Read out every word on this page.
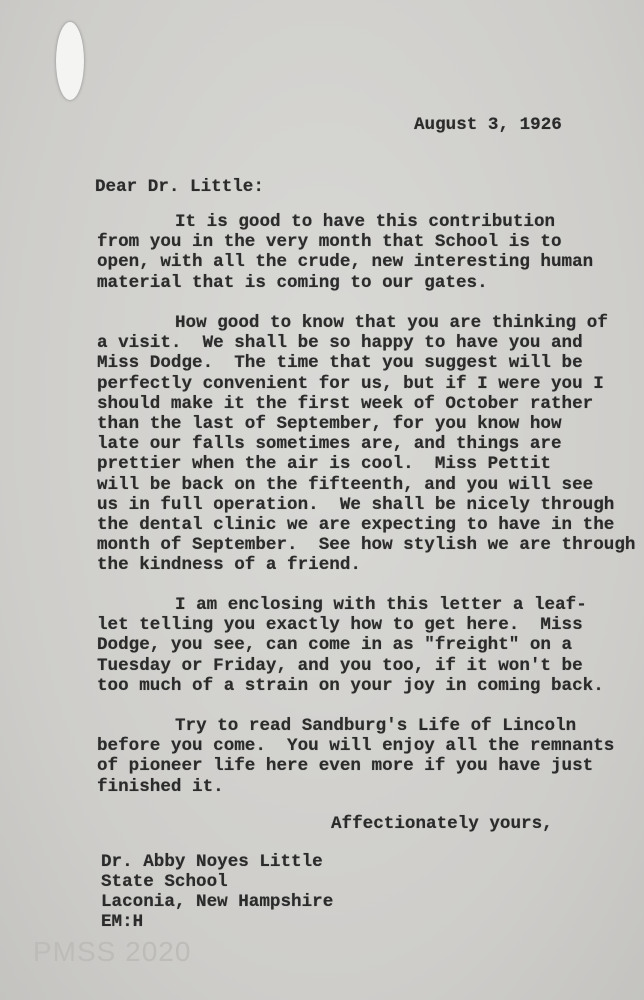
August 3, 1926
Dear Dr. Little:
Affectionately yours,
PMSS 2020
It is good to have this contribution
from you in the very month that School is to
open, with all the crude, new interesting human
material that is coming to our gates.
How good to know that you are thinking of
a visit.  We shall be so happy to have you and
Miss Dodge.  The time that you suggest will be
perfectly convenient for us, but if I were you I
should make it the first week of October rather
than the last of September, for you know how
late our falls sometimes are, and things are
prettier when the air is cool.  Miss Pettit
will be back on the fifteenth, and you will see
us in full operation.  We shall be nicely through
the dental clinic we are expecting to have in the
month of September.  See how stylish we are through
the kindness of a friend.
I am enclosing with this letter a leaf-
let telling you exactly how to get here.  Miss
Dodge, you see, can come in as "freight" on a
Tuesday or Friday, and you too, if it won't be
too much of a strain on your joy in coming back.
Try to read Sandburg's Life of Lincoln
before you come.  You will enjoy all the remnants
of pioneer life here even more if you have just
finished it.
Dr. Abby Noyes Little
State School
Laconia, New Hampshire
EM:H
